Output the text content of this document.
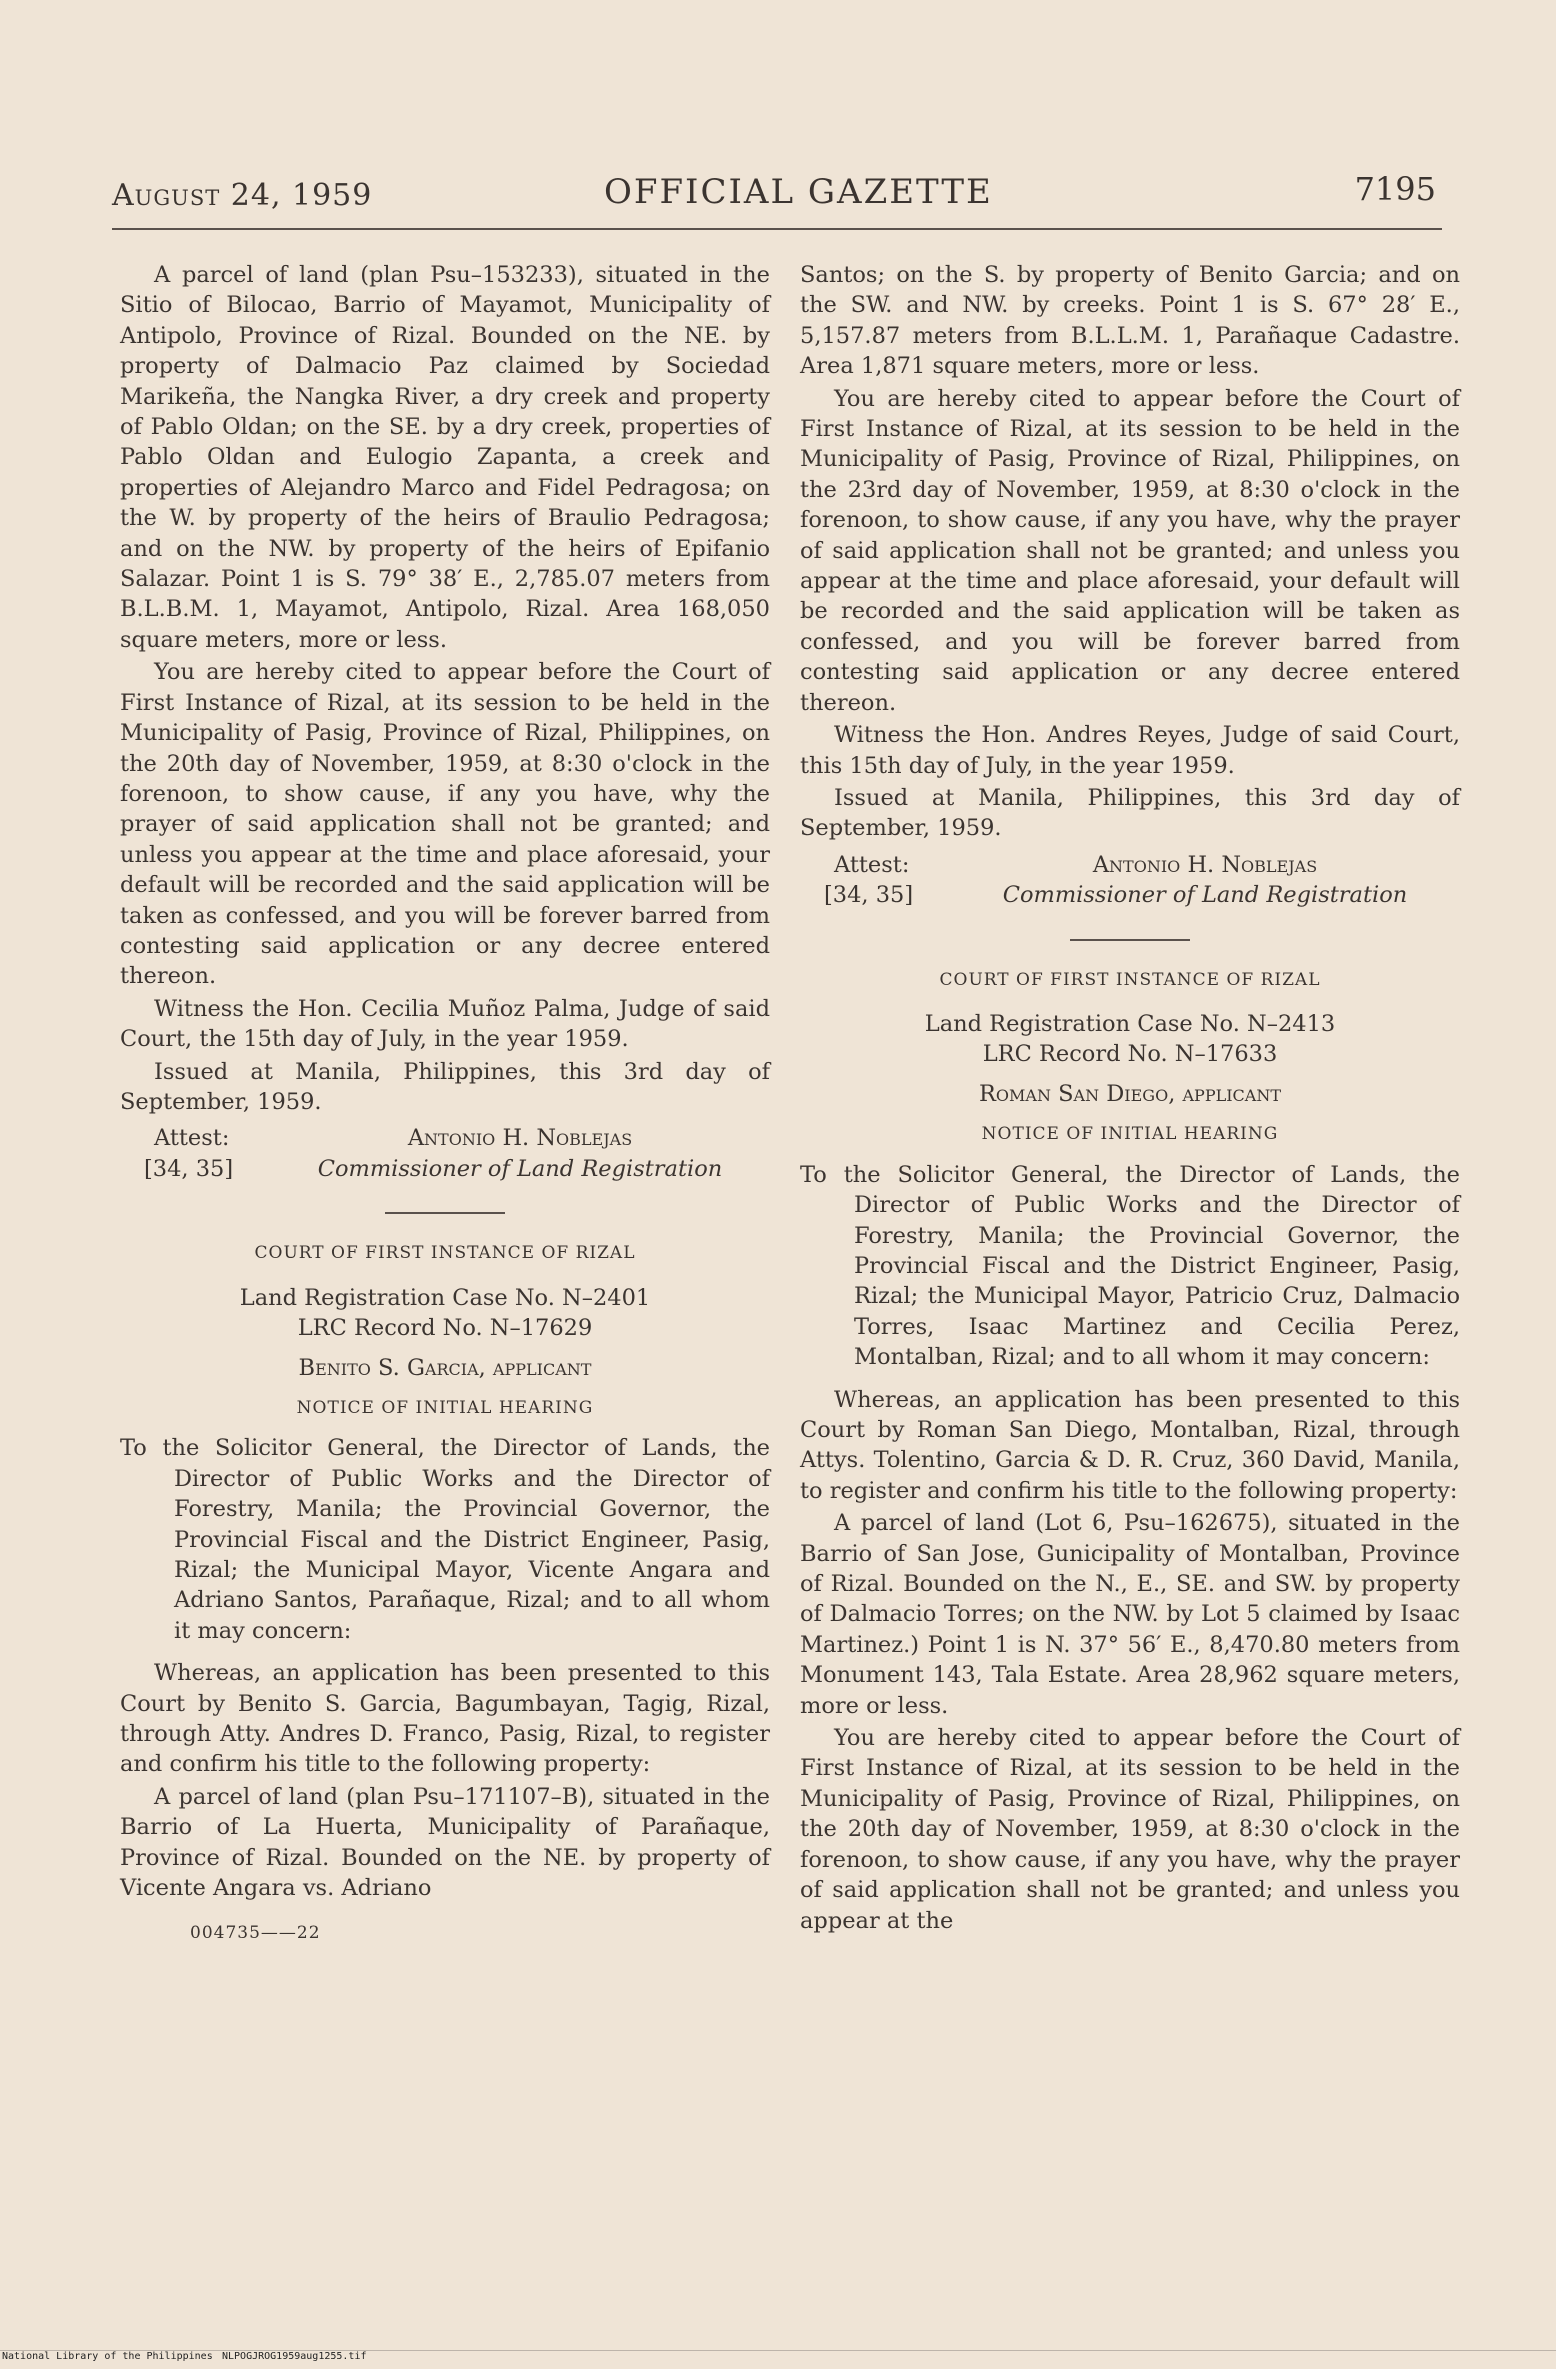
August 24, 1959	OFFICIAL GAZETTE	7195

A parcel of land (plan Psu–153233), situated in the Sitio of Bilocao, Barrio of Mayamot, Municipality of Antipolo, Province of Rizal. Bounded on the NE. by property of Dalmacio Paz claimed by Sociedad Marikeña, the Nangka River, a dry creek and property of Pablo Oldan; on the SE. by a dry creek, properties of Pablo Oldan and Eulogio Zapanta, a creek and properties of Alejandro Marco and Fidel Pedragosa; on the W. by property of the heirs of Braulio Pedragosa; and on the NW. by property of the heirs of Epifanio Salazar. Point 1 is S. 79° 38′ E., 2,785.07 meters from B.L.B.M. 1, Mayamot, Antipolo, Rizal. Area 168,050 square meters, more or less.

You are hereby cited to appear before the Court of First Instance of Rizal, at its session to be held in the Municipality of Pasig, Province of Rizal, Philippines, on the 20th day of November, 1959, at 8:30 o'clock in the forenoon, to show cause, if any you have, why the prayer of said application shall not be granted; and unless you appear at the time and place aforesaid, your default will be recorded and the said application will be taken as confessed, and you will be forever barred from contesting said application or any decree entered thereon.

Witness the Hon. Cecilia Muñoz Palma, Judge of said Court, the 15th day of July, in the year 1959.

Issued at Manila, Philippines, this 3rd day of September, 1959.

Attest:	Antonio H. Noblejas
[34, 35]	Commissioner of Land Registration
COURT OF FIRST INSTANCE OF RIZAL
Land Registration Case No. N–2401
LRC Record No. N–17629
Benito S. Garcia, applicant
NOTICE OF INITIAL HEARING

To the Solicitor General, the Director of Lands, the Director of Public Works and the Director of Forestry, Manila; the Provincial Governor, the Provincial Fiscal and the District Engineer, Pasig, Rizal; the Municipal Mayor, Vicente Angara and Adriano Santos, Parañaque, Rizal; and to all whom it may concern:

Whereas, an application has been presented to this Court by Benito S. Garcia, Bagumbayan, Tagig, Rizal, through Atty. Andres D. Franco, Pasig, Rizal, to register and confirm his title to the following property:

A parcel of land (plan Psu–171107–B), situated in the Barrio of La Huerta, Municipality of Parañaque, Province of Rizal. Bounded on the NE. by property of Vicente Angara vs. Adriano

004735——22

Santos; on the S. by property of Benito Garcia; and on the SW. and NW. by creeks. Point 1 is S. 67° 28′ E., 5,157.87 meters from B.L.L.M. 1, Parañaque Cadastre. Area 1,871 square meters, more or less.

You are hereby cited to appear before the Court of First Instance of Rizal, at its session to be held in the Municipality of Pasig, Province of Rizal, Philippines, on the 23rd day of November, 1959, at 8:30 o'clock in the forenoon, to show cause, if any you have, why the prayer of said application shall not be granted; and unless you appear at the time and place aforesaid, your default will be recorded and the said application will be taken as confessed, and you will be forever barred from contesting said application or any decree entered thereon.

Witness the Hon. Andres Reyes, Judge of said Court, this 15th day of July, in the year 1959.

Issued at Manila, Philippines, this 3rd day of September, 1959.

Attest:	Antonio H. Noblejas
[34, 35]	Commissioner of Land Registration
COURT OF FIRST INSTANCE OF RIZAL
Land Registration Case No. N–2413
LRC Record No. N–17633
Roman San Diego, applicant
NOTICE OF INITIAL HEARING

To the Solicitor General, the Director of Lands, the Director of Public Works and the Director of Forestry, Manila; the Provincial Governor, the Provincial Fiscal and the District Engineer, Pasig, Rizal; the Municipal Mayor, Patricio Cruz, Dalmacio Torres, Isaac Martinez and Cecilia Perez, Montalban, Rizal; and to all whom it may concern:

Whereas, an application has been presented to this Court by Roman San Diego, Montalban, Rizal, through Attys. Tolentino, Garcia & D. R. Cruz, 360 David, Manila, to register and confirm his title to the following property:

A parcel of land (Lot 6, Psu–162675), situated in the Barrio of San Jose, Gunicipality of Montalban, Province of Rizal. Bounded on the N., E., SE. and SW. by property of Dalmacio Torres; on the NW. by Lot 5 claimed by Isaac Martinez.) Point 1 is N. 37° 56′ E., 8,470.80 meters from Monument 143, Tala Estate. Area 28,962 square meters, more or less.

You are hereby cited to appear before the Court of First Instance of Rizal, at its session to be held in the Municipality of Pasig, Province of Rizal, Philippines, on the 20th day of November, 1959, at 8:30 o'clock in the forenoon, to show cause, if any you have, why the prayer of said application shall not be granted; and unless you appear at the

National Library of the Philippines NLPOGJROG1959aug1255.tif
